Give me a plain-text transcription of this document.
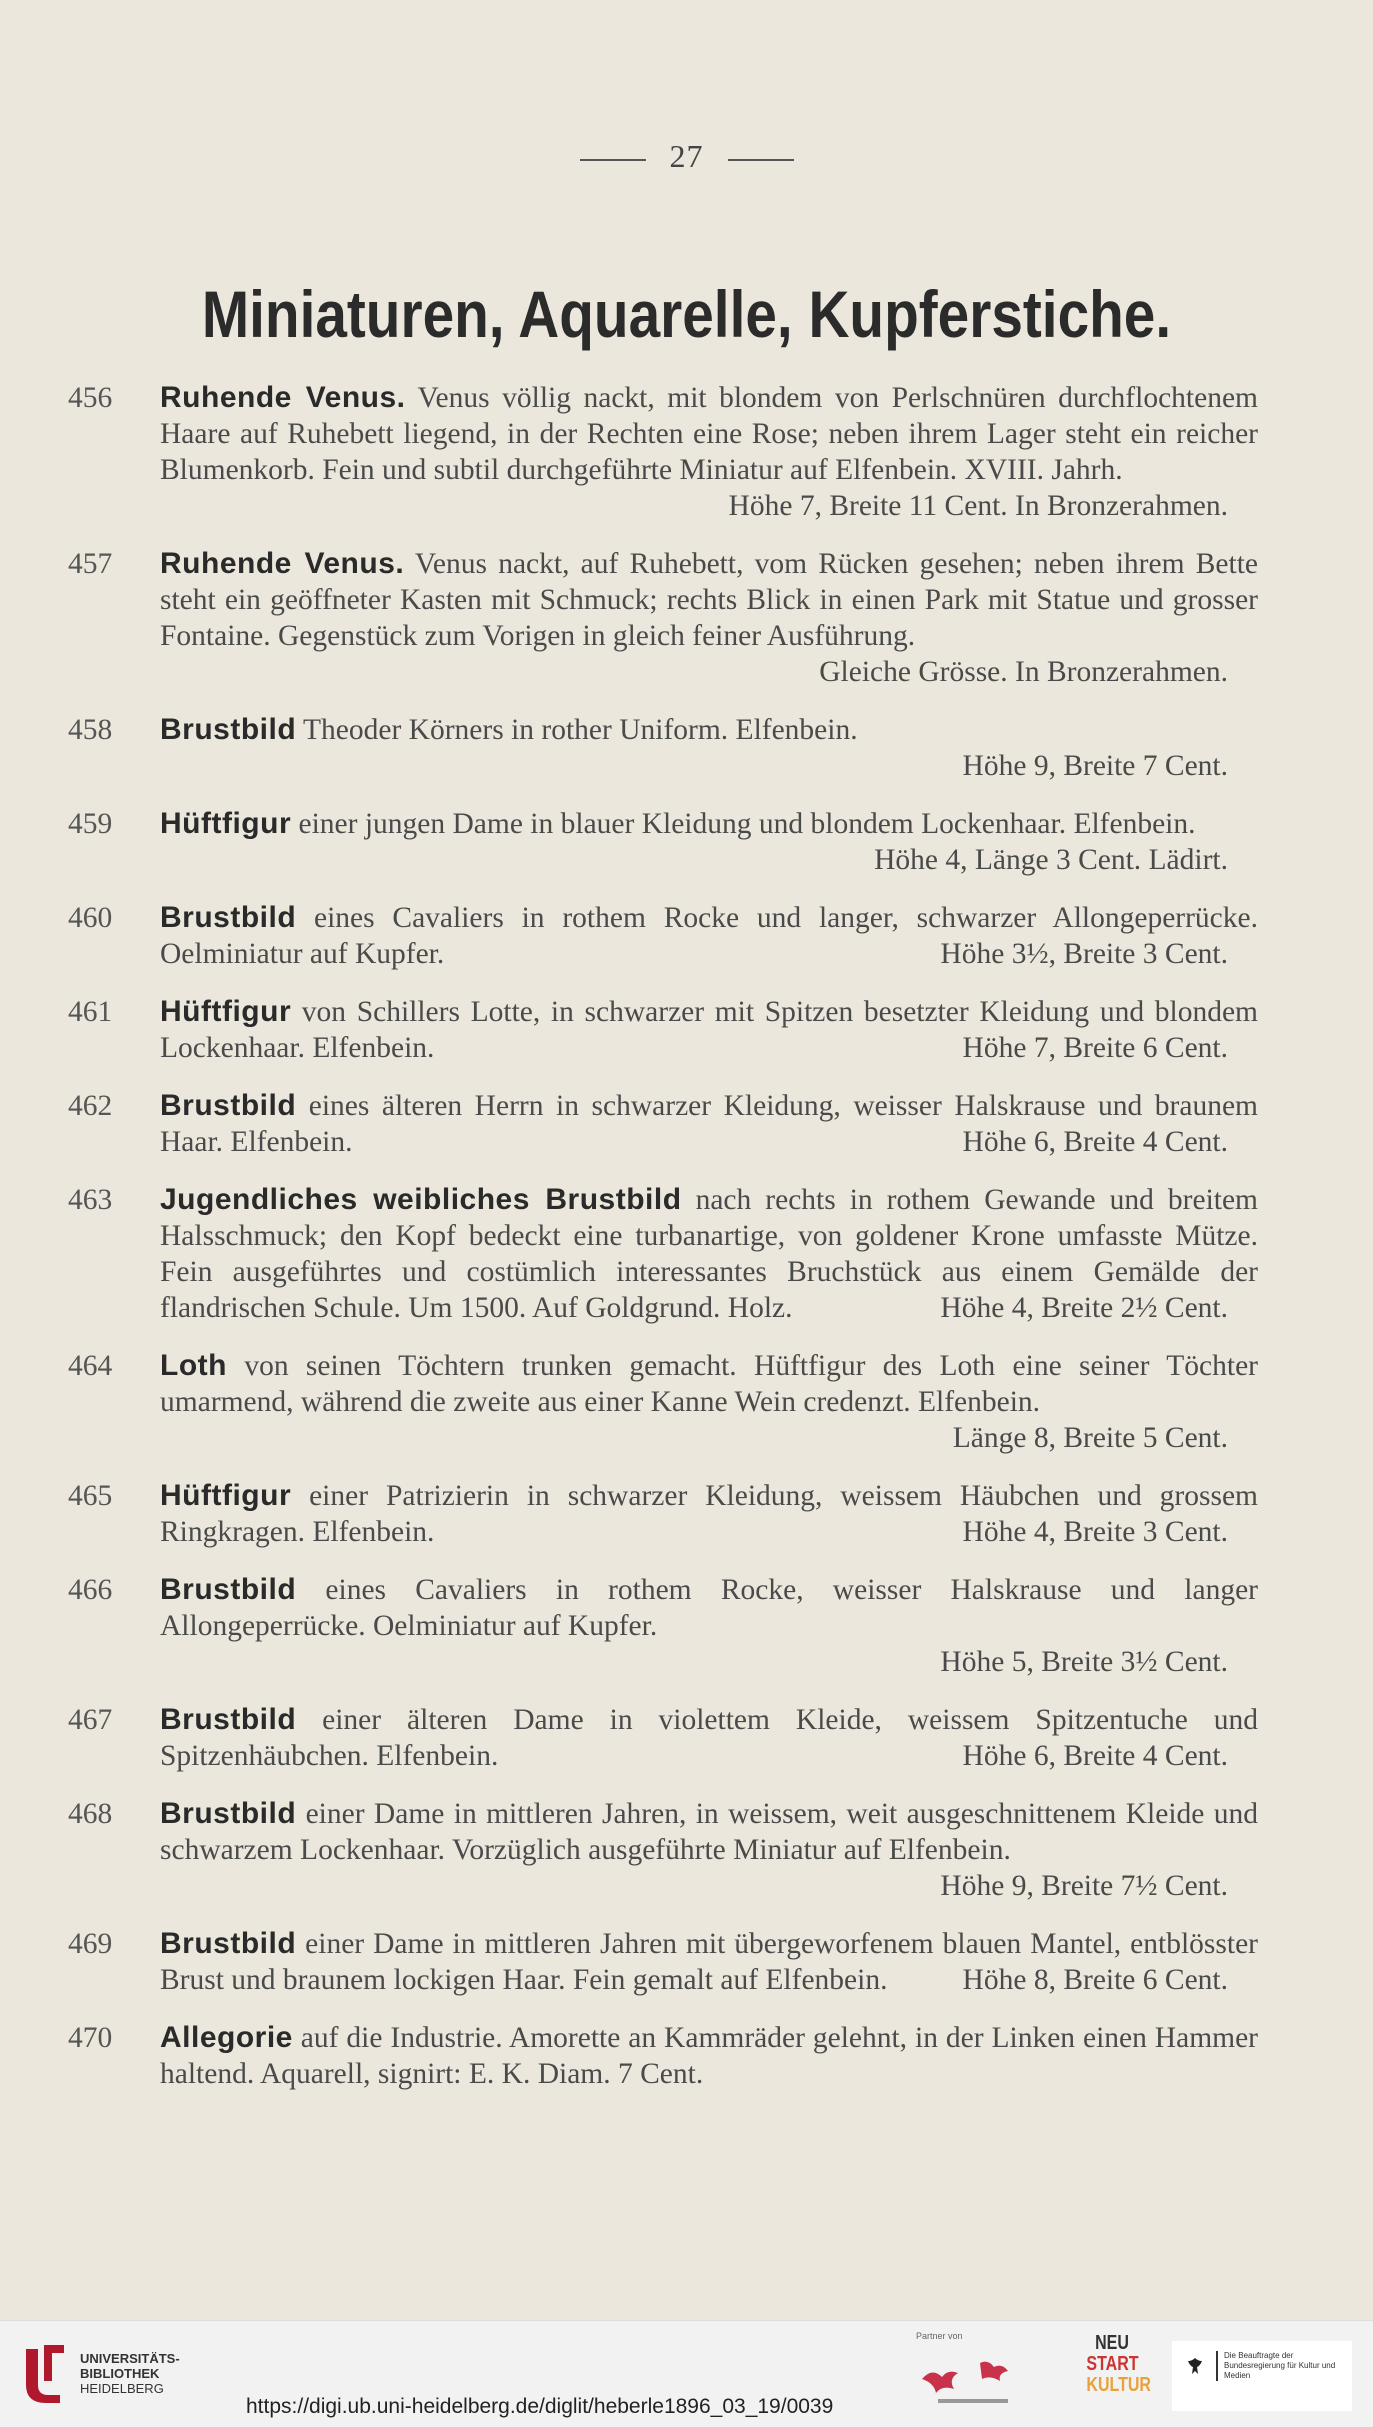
27
Miniaturen, Aquarelle, Kupferstiche.
456	Ruhende Venus. Venus völlig nackt, mit blondem von Perlschnüren durchflochtenem Haare auf Ruhebett liegend, in der Rechten eine Rose; neben ihrem Lager steht ein reicher Blumenkorb. Fein und subtil durchgeführte Miniatur auf Elfenbein. XVIII. Jahrh.
Höhe 7, Breite 11 Cent. In Bronzerahmen.
457	Ruhende Venus. Venus nackt, auf Ruhebett, vom Rücken gesehen; neben ihrem Bette steht ein geöffneter Kasten mit Schmuck; rechts Blick in einen Park mit Statue und grosser Fontaine. Gegenstück zum Vorigen in gleich feiner Ausführung.
Gleiche Grösse. In Bronzerahmen.
458	Brustbild Theoder Körners in rother Uniform. Elfenbein.
Höhe 9, Breite 7 Cent.
459	Hüftfigur einer jungen Dame in blauer Kleidung und blondem Lockenhaar. Elfenbein.
Höhe 4, Länge 3 Cent. Lädirt.
460	Brustbild eines Cavaliers in rothem Rocke und langer, schwarzer Allongeperrücke. Oelminiatur auf Kupfer.	Höhe 3½, Breite 3 Cent.
461	Hüftfigur von Schillers Lotte, in schwarzer mit Spitzen besetzter Kleidung und blondem Lockenhaar. Elfenbein.	Höhe 7, Breite 6 Cent.
462	Brustbild eines älteren Herrn in schwarzer Kleidung, weisser Halskrause und braunem Haar. Elfenbein.	Höhe 6, Breite 4 Cent.
463	Jugendliches weibliches Brustbild nach rechts in rothem Gewande und breitem Halsschmuck; den Kopf bedeckt eine turbanartige, von goldener Krone umfasste Mütze. Fein ausgeführtes und costümlich interessantes Bruchstück aus einem Gemälde der flandrischen Schule. Um 1500. Auf Goldgrund. Holz.	Höhe 4, Breite 2½ Cent.
464	Loth von seinen Töchtern trunken gemacht. Hüftfigur des Loth eine seiner Töchter umarmend, während die zweite aus einer Kanne Wein credenzt. Elfenbein.
Länge 8, Breite 5 Cent.
465	Hüftfigur einer Patrizierin in schwarzer Kleidung, weissem Häubchen und grossem Ringkragen. Elfenbein.	Höhe 4, Breite 3 Cent.
466	Brustbild eines Cavaliers in rothem Rocke, weisser Halskrause und langer Allongeperrücke. Oelminiatur auf Kupfer.
Höhe 5, Breite 3½ Cent.
467	Brustbild einer älteren Dame in violettem Kleide, weissem Spitzentuche und Spitzenhäubchen. Elfenbein.	Höhe 6, Breite 4 Cent.
468	Brustbild einer Dame in mittleren Jahren, in weissem, weit ausgeschnittenem Kleide und schwarzem Lockenhaar. Vorzüglich ausgeführte Miniatur auf Elfenbein.
Höhe 9, Breite 7½ Cent.
469	Brustbild einer Dame in mittleren Jahren mit übergeworfenem blauen Mantel, entblösster Brust und braunem lockigen Haar. Fein gemalt auf Elfenbein.	Höhe 8, Breite 6 Cent.
470	Allegorie auf die Industrie. Amorette an Kammräder gelehnt, in der Linken einen Hammer haltend. Aquarell, signirt: E. K. Diam. 7 Cent.
UNIVERSITÄTS-
BIBLIOTHEK
HEIDELBERG
https://digi.ub.uni-heidelberg.de/diglit/heberle1896_03_19/0039
Partner von	NEU
START
KULTUR
Die Beauftragte der Bundesregierung für Kultur und Medien
